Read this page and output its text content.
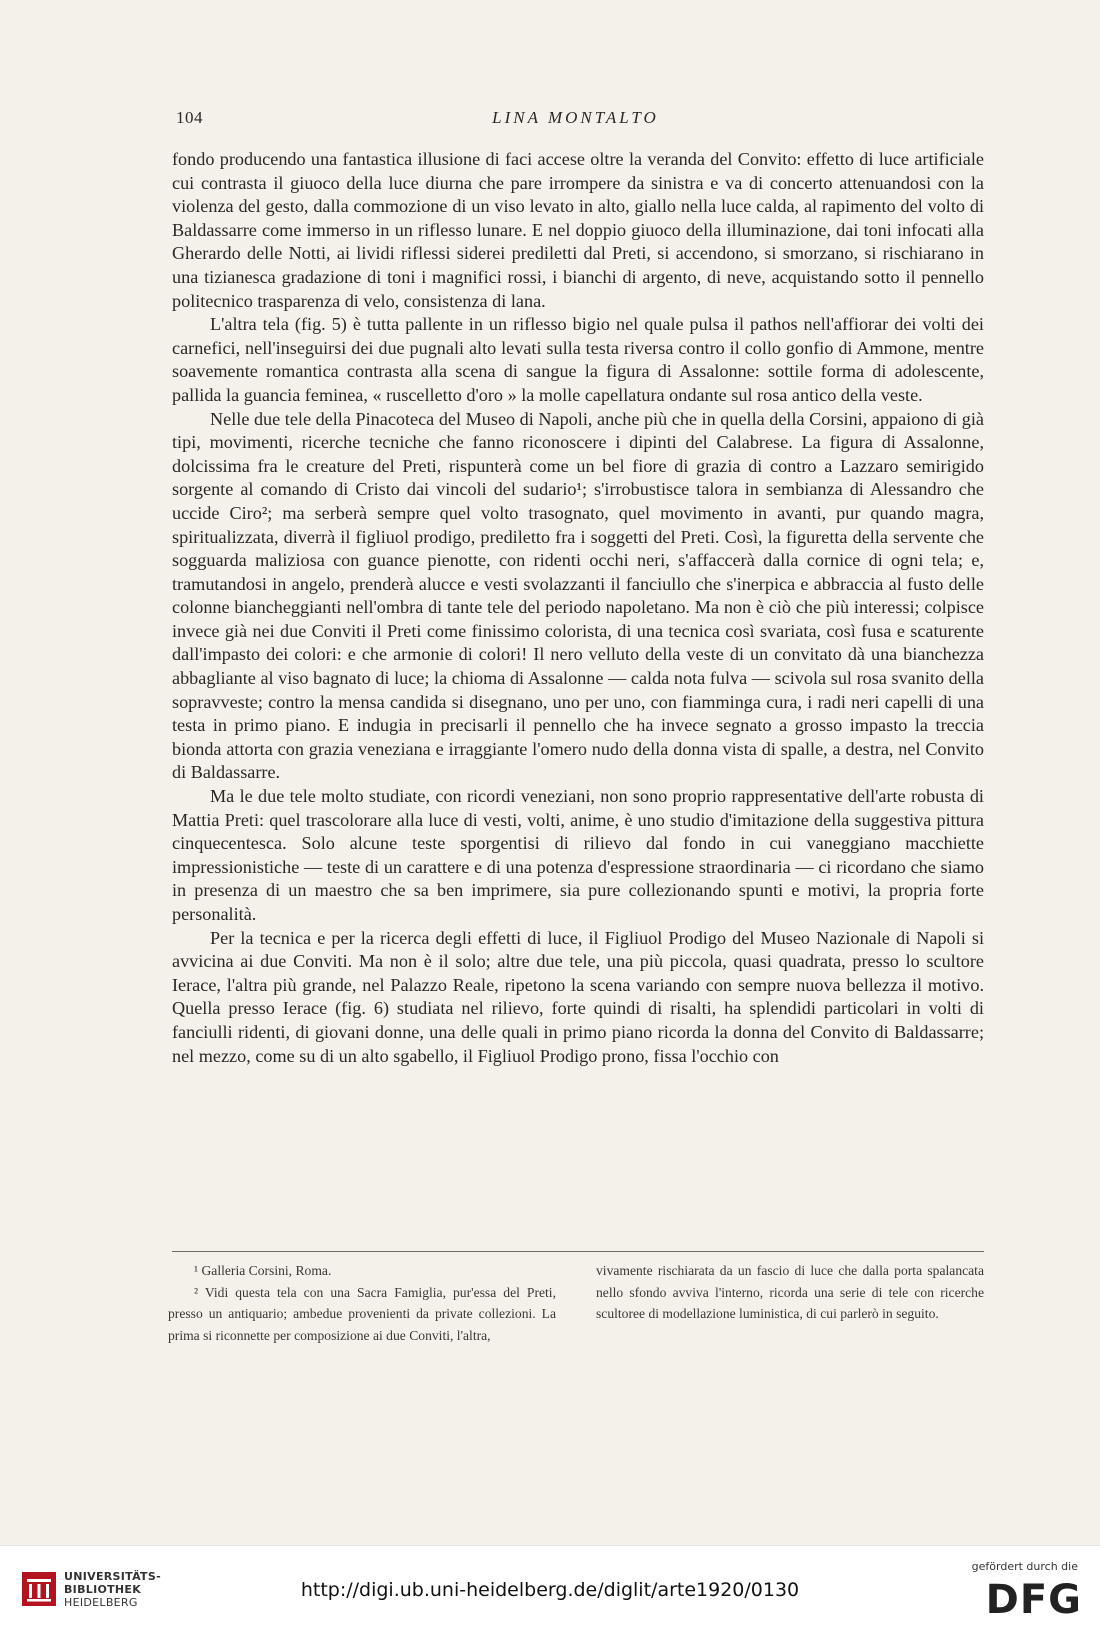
104	LINA MONTALTO

fondo producendo una fantastica illusione di faci accese oltre la veranda del Convito: effetto di luce artificiale cui contrasta il giuoco della luce diurna che pare irrompere da sinistra e va di concerto attenuandosi con la violenza del gesto, dalla commozione di un viso levato in alto, giallo nella luce calda, al rapimento del volto di Baldassarre come immerso in un riflesso lunare. E nel doppio giuoco della illuminazione, dai toni infocati alla Gherardo delle Notti, ai lividi riflessi siderei prediletti dal Preti, si accendono, si smorzano, si rischiarano in una tizianesca gradazione di toni i magnifici rossi, i bianchi di argento, di neve, acquistando sotto il pennello politecnico trasparenza di velo, consistenza di lana.

L'altra tela (fig. 5) è tutta pallente in un riflesso bigio nel quale pulsa il pathos nell'affiorar dei volti dei carnefici, nell'inseguirsi dei due pugnali alto levati sulla testa riversa contro il collo gonfio di Ammone, mentre soavemente romantica contrasta alla scena di sangue la figura di Assalonne: sottile forma di adolescente, pallida la guancia feminea, « ruscelletto d'oro » la molle capellatura ondante sul rosa antico della veste.

Nelle due tele della Pinacoteca del Museo di Napoli, anche più che in quella della Corsini, appaiono di già tipi, movimenti, ricerche tecniche che fanno riconoscere i dipinti del Calabrese. La figura di Assalonne, dolcissima fra le creature del Preti, rispunterà come un bel fiore di grazia di contro a Lazzaro semirigido sorgente al comando di Cristo dai vincoli del sudario¹; s'irrobustisce talora in sembianza di Alessandro che uccide Ciro²; ma serberà sempre quel volto trasognato, quel movimento in avanti, pur quando magra, spiritualizzata, diverrà il figliuol prodigo, prediletto fra i soggetti del Preti. Così, la figuretta della servente che sogguarda maliziosa con guance pienotte, con ridenti occhi neri, s'affaccerà dalla cornice di ogni tela; e, tramutandosi in angelo, prenderà alucce e vesti svolazzanti il fanciullo che s'inerpica e abbraccia al fusto delle colonne biancheggianti nell'ombra di tante tele del periodo napoletano. Ma non è ciò che più interessi; colpisce invece già nei due Conviti il Preti come finissimo colorista, di una tecnica così svariata, così fusa e scaturente dall'impasto dei colori: e che armonie di colori! Il nero velluto della veste di un convitato dà una bianchezza abbagliante al viso bagnato di luce; la chioma di Assalonne — calda nota fulva — scivola sul rosa svanito della sopravveste; contro la mensa candida si disegnano, uno per uno, con fiamminga cura, i radi neri capelli di una testa in primo piano. E indugia in precisarli il pennello che ha invece segnato a grosso impasto la treccia bionda attorta con grazia veneziana e irraggiante l'omero nudo della donna vista di spalle, a destra, nel Convito di Baldassarre.

Ma le due tele molto studiate, con ricordi veneziani, non sono proprio rappresentative dell'arte robusta di Mattia Preti: quel trascolorare alla luce di vesti, volti, anime, è uno studio d'imitazione della suggestiva pittura cinquecentesca. Solo alcune teste sporgentisi di rilievo dal fondo in cui vaneggiano macchiette impressionistiche — teste di un carattere e di una potenza d'espressione straordinaria — ci ricordano che siamo in presenza di un maestro che sa ben imprimere, sia pure collezionando spunti e motivi, la propria forte personalità.

Per la tecnica e per la ricerca degli effetti di luce, il Figliuol Prodigo del Museo Nazionale di Napoli si avvicina ai due Conviti. Ma non è il solo; altre due tele, una più piccola, quasi quadrata, presso lo scultore Ierace, l'altra più grande, nel Palazzo Reale, ripetono la scena variando con sempre nuova bellezza il motivo. Quella presso Ierace (fig. 6) studiata nel rilievo, forte quindi di risalti, ha splendidi particolari in volti di fanciulli ridenti, di giovani donne, una delle quali in primo piano ricorda la donna del Convito di Baldassarre; nel mezzo, come su di un alto sgabello, il Figliuol Prodigo prono, fissa l'occhio con

¹ Galleria Corsini, Roma.

² Vidi questa tela con una Sacra Famiglia, pur'essa del Preti, presso un antiquario; ambedue provenienti da private collezioni. La prima si riconnette per composizione ai due Conviti, l'altra,

vivamente rischiarata da un fascio di luce che dalla porta spalancata nello sfondo avviva l'interno, ricorda una serie di tele con ricerche scultoree di modellazione luministica, di cui parlerò in seguito.

UNIVERSITÄTS-
BIBLIOTHEK
HEIDELBERG
http://digi.ub.uni-heidelberg.de/diglit/arte1920/0130
gefördert durch die
DFG
